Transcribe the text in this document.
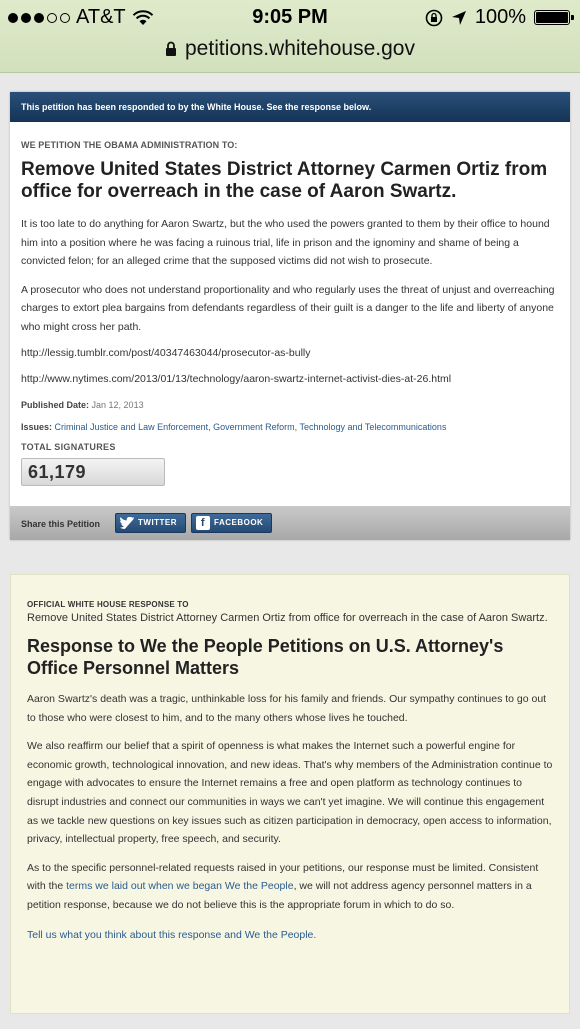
AT&T	9:05 PM	100%
petitions.whitehouse.gov
This petition has been responded to by the White House. See the response below.
WE PETITION THE OBAMA ADMINISTRATION TO:
Remove United States District Attorney Carmen Ortiz from office for overreach in the case of Aaron Swartz.

It is too late to do anything for Aaron Swartz, but the who used the powers granted to them by their office to hound him into a position where he was facing a ruinous trial, life in prison and the ignominy and shame of being a convicted felon; for an alleged crime that the supposed victims did not wish to prosecute.

A prosecutor who does not understand proportionality and who regularly uses the threat of unjust and overreaching charges to extort plea bargains from defendants regardless of their guilt is a danger to the life and liberty of anyone who might cross her path.

http://lessig.tumblr.com/post/40347463044/prosecutor-as-bully

http://www.nytimes.com/2013/01/13/technology/aaron-swartz-internet-activist-dies-at-26.html

Published Date: Jan 12, 2013
Issues: Criminal Justice and Law Enforcement, Government Reform, Technology and Telecommunications
TOTAL SIGNATURES
61,179
Share this Petition	TWITTER	f	FACEBOOK
OFFICIAL WHITE HOUSE RESPONSE TO
Remove United States District Attorney Carmen Ortiz from office for overreach in the case of Aaron Swartz.
Response to We the People Petitions on U.S. Attorney's Office Personnel Matters

Aaron Swartz's death was a tragic, unthinkable loss for his family and friends. Our sympathy continues to go out to those who were closest to him, and to the many others whose lives he touched.

We also reaffirm our belief that a spirit of openness is what makes the Internet such a powerful engine for economic growth, technological innovation, and new ideas. That's why members of the Administration continue to engage with advocates to ensure the Internet remains a free and open platform as technology continues to disrupt industries and connect our communities in ways we can't yet imagine. We will continue this engagement as we tackle new questions on key issues such as citizen participation in democracy, open access to information, privacy, intellectual property, free speech, and security.

As to the specific personnel-related requests raised in your petitions, our response must be limited. Consistent with the terms we laid out when we began We the People, we will not address agency personnel matters in a petition response, because we do not believe this is the appropriate forum in which to do so.

Tell us what you think about this response and We the People.
